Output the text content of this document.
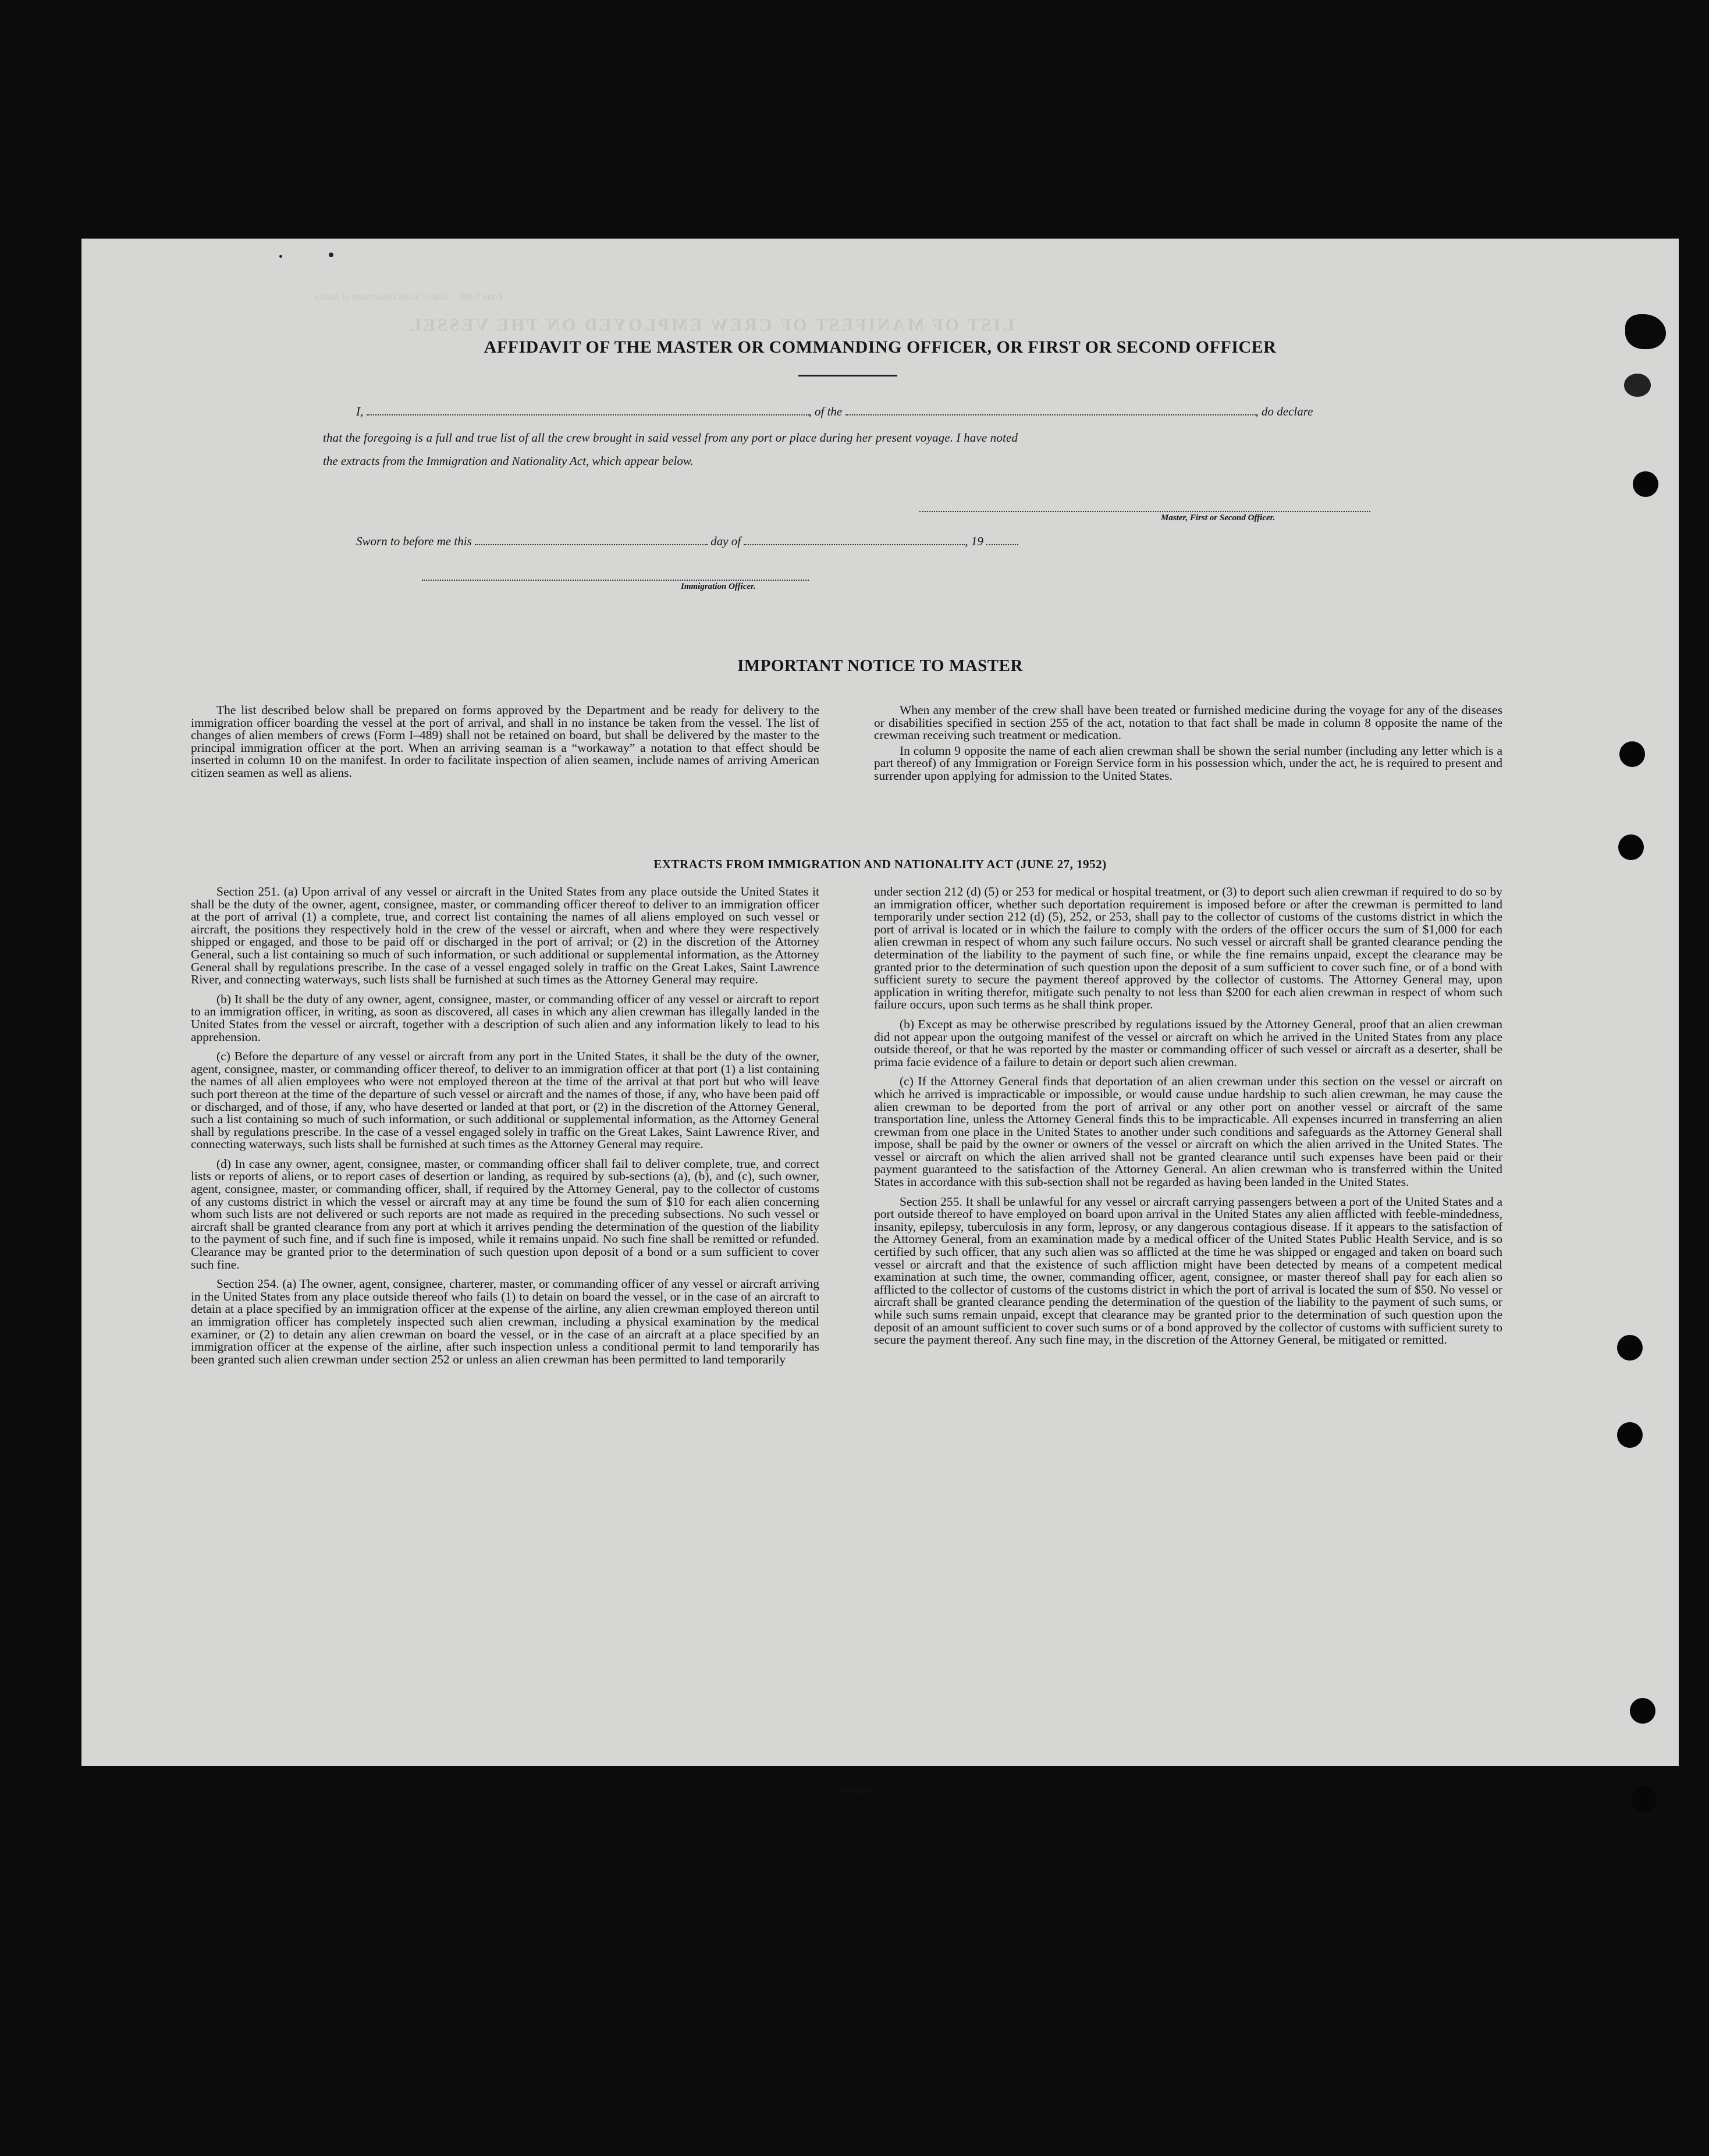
LIST OF MANIFEST OF CREW EMPLOYED ON THE VESSEL
Form I-489 ... United States Department of Justice
AFFIDAVIT OF THE MASTER OR COMMANDING OFFICER, OR FIRST OR SECOND OFFICER
I,	, of the	, do declare
that the foregoing is a full and true list of all the crew brought in said vessel from any port or place during her present voyage. I have noted
the extracts from the Immigration and Nationality Act, which appear below.
Master, First or Second Officer.
Sworn to before me this	day of	, 19
Immigration Officer.
IMPORTANT NOTICE TO MASTER

The list described below shall be prepared on forms approved by the Department and be ready for delivery to the immigration officer boarding the vessel at the port of arrival, and shall in no instance be taken from the vessel. The list of changes of alien members of crews (Form I–489) shall not be retained on board, but shall be delivered by the master to the principal immigration officer at the port. When an arriving seaman is a “workaway” a notation to that effect should be inserted in column 10 on the manifest. In order to facilitate inspection of alien seamen, include names of arriving American citizen seamen as well as aliens.

When any member of the crew shall have been treated or furnished medicine during the voyage for any of the diseases or disabilities specified in section 255 of the act, notation to that fact shall be made in column 8 opposite the name of the crewman receiving such treatment or medication.

In column 9 opposite the name of each alien crewman shall be shown the serial number (including any letter which is a part thereof) of any Immigration or Foreign Service form in his possession which, under the act, he is required to present and surrender upon applying for admission to the United States.

EXTRACTS FROM IMMIGRATION AND NATIONALITY ACT (JUNE 27, 1952)

Section 251. (a) Upon arrival of any vessel or aircraft in the United States from any place outside the United States it shall be the duty of the owner, agent, consignee, master, or commanding officer thereof to deliver to an immigration officer at the port of arrival (1) a complete, true, and correct list containing the names of all aliens employed on such vessel or aircraft, the positions they respectively hold in the crew of the vessel or aircraft, when and where they were respectively shipped or engaged, and those to be paid off or discharged in the port of arrival; or (2) in the discretion of the Attorney General, such a list containing so much of such information, or such additional or supplemental information, as the Attorney General shall by regulations prescribe. In the case of a vessel engaged solely in traffic on the Great Lakes, Saint Lawrence River, and connecting waterways, such lists shall be furnished at such times as the Attorney General may require.

(b) It shall be the duty of any owner, agent, consignee, master, or commanding officer of any vessel or aircraft to report to an immigration officer, in writing, as soon as discovered, all cases in which any alien crewman has illegally landed in the United States from the vessel or aircraft, together with a description of such alien and any information likely to lead to his apprehension.

(c) Before the departure of any vessel or aircraft from any port in the United States, it shall be the duty of the owner, agent, consignee, master, or commanding officer thereof, to deliver to an immigration officer at that port (1) a list containing the names of all alien employees who were not employed thereon at the time of the arrival at that port but who will leave such port thereon at the time of the departure of such vessel or aircraft and the names of those, if any, who have been paid off or discharged, and of those, if any, who have deserted or landed at that port, or (2) in the discretion of the Attorney General, such a list containing so much of such information, or such additional or supplemental information, as the Attorney General shall by regulations prescribe. In the case of a vessel engaged solely in traffic on the Great Lakes, Saint Lawrence River, and connecting waterways, such lists shall be furnished at such times as the Attorney General may require.

(d) In case any owner, agent, consignee, master, or commanding officer shall fail to deliver complete, true, and correct lists or reports of aliens, or to report cases of desertion or landing, as required by sub-sections (a), (b), and (c), such owner, agent, consignee, master, or commanding officer, shall, if required by the Attorney General, pay to the collector of customs of any customs district in which the vessel or aircraft may at any time be found the sum of $10 for each alien concerning whom such lists are not delivered or such reports are not made as required in the preceding subsections. No such vessel or aircraft shall be granted clearance from any port at which it arrives pending the determination of the question of the liability to the payment of such fine, and if such fine is imposed, while it remains unpaid. No such fine shall be remitted or refunded. Clearance may be granted prior to the determination of such question upon deposit of a bond or a sum sufficient to cover such fine.

Section 254. (a) The owner, agent, consignee, charterer, master, or commanding officer of any vessel or aircraft arriving in the United States from any place outside thereof who fails (1) to detain on board the vessel, or in the case of an aircraft to detain at a place specified by an immigration officer at the expense of the airline, any alien crewman employed thereon until an immigration officer has completely inspected such alien crewman, including a physical examination by the medical examiner, or (2) to detain any alien crewman on board the vessel, or in the case of an aircraft at a place specified by an immigration officer at the expense of the airline, after such inspection unless a conditional permit to land temporarily has been granted such alien crewman under section 252 or unless an alien crewman has been permitted to land temporarily

under section 212 (d) (5) or 253 for medical or hospital treatment, or (3) to deport such alien crewman if required to do so by an immigration officer, whether such deportation requirement is imposed before or after the crewman is permitted to land temporarily under section 212 (d) (5), 252, or 253, shall pay to the collector of customs of the customs district in which the port of arrival is located or in which the failure to comply with the orders of the officer occurs the sum of $1,000 for each alien crewman in respect of whom any such failure occurs. No such vessel or aircraft shall be granted clearance pending the determination of the liability to the payment of such fine, or while the fine remains unpaid, except the clearance may be granted prior to the determination of such question upon the deposit of a sum sufficient to cover such fine, or of a bond with sufficient surety to secure the payment thereof approved by the collector of customs. The Attorney General may, upon application in writing therefor, mitigate such penalty to not less than $200 for each alien crewman in respect of whom such failure occurs, upon such terms as he shall think proper.

(b) Except as may be otherwise prescribed by regulations issued by the Attorney General, proof that an alien crewman did not appear upon the outgoing manifest of the vessel or aircraft on which he arrived in the United States from any place outside thereof, or that he was reported by the master or commanding officer of such vessel or aircraft as a deserter, shall be prima facie evidence of a failure to detain or deport such alien crewman.

(c) If the Attorney General finds that deportation of an alien crewman under this section on the vessel or aircraft on which he arrived is impracticable or impossible, or would cause undue hardship to such alien crewman, he may cause the alien crewman to be deported from the port of arrival or any other port on another vessel or aircraft of the same transportation line, unless the Attorney General finds this to be impracticable. All expenses incurred in transferring an alien crewman from one place in the United States to another under such conditions and safeguards as the Attorney General shall impose, shall be paid by the owner or owners of the vessel or aircraft on which the alien arrived in the United States. The vessel or aircraft on which the alien arrived shall not be granted clearance until such expenses have been paid or their payment guaranteed to the satisfaction of the Attorney General. An alien crewman who is transferred within the United States in accordance with this sub-section shall not be regarded as having been landed in the United States.

Section 255. It shall be unlawful for any vessel or aircraft carrying passengers between a port of the United States and a port outside thereof to have employed on board upon arrival in the United States any alien afflicted with feeble-mindedness, insanity, epilepsy, tuberculosis in any form, leprosy, or any dangerous contagious disease. If it appears to the satisfaction of the Attorney General, from an examination made by a medical officer of the United States Public Health Service, and is so certified by such officer, that any such alien was so afflicted at the time he was shipped or engaged and taken on board such vessel or aircraft and that the existence of such affliction might have been detected by means of a competent medical examination at such time, the owner, commanding officer, agent, consignee, or master thereof shall pay for each alien so afflicted to the collector of customs of the customs district in which the port of arrival is located the sum of $50. No vessel or aircraft shall be granted clearance pending the determination of the question of the liability to the payment of such sums, or while such sums remain unpaid, except that clearance may be granted prior to the determination of such question upon the deposit of an amount sufficient to cover such sums or of a bond approved by the collector of customs with sufficient surety to secure the payment thereof. Any such fine may, in the discretion of the Attorney General, be mitigated or remitted.

16—67829-
